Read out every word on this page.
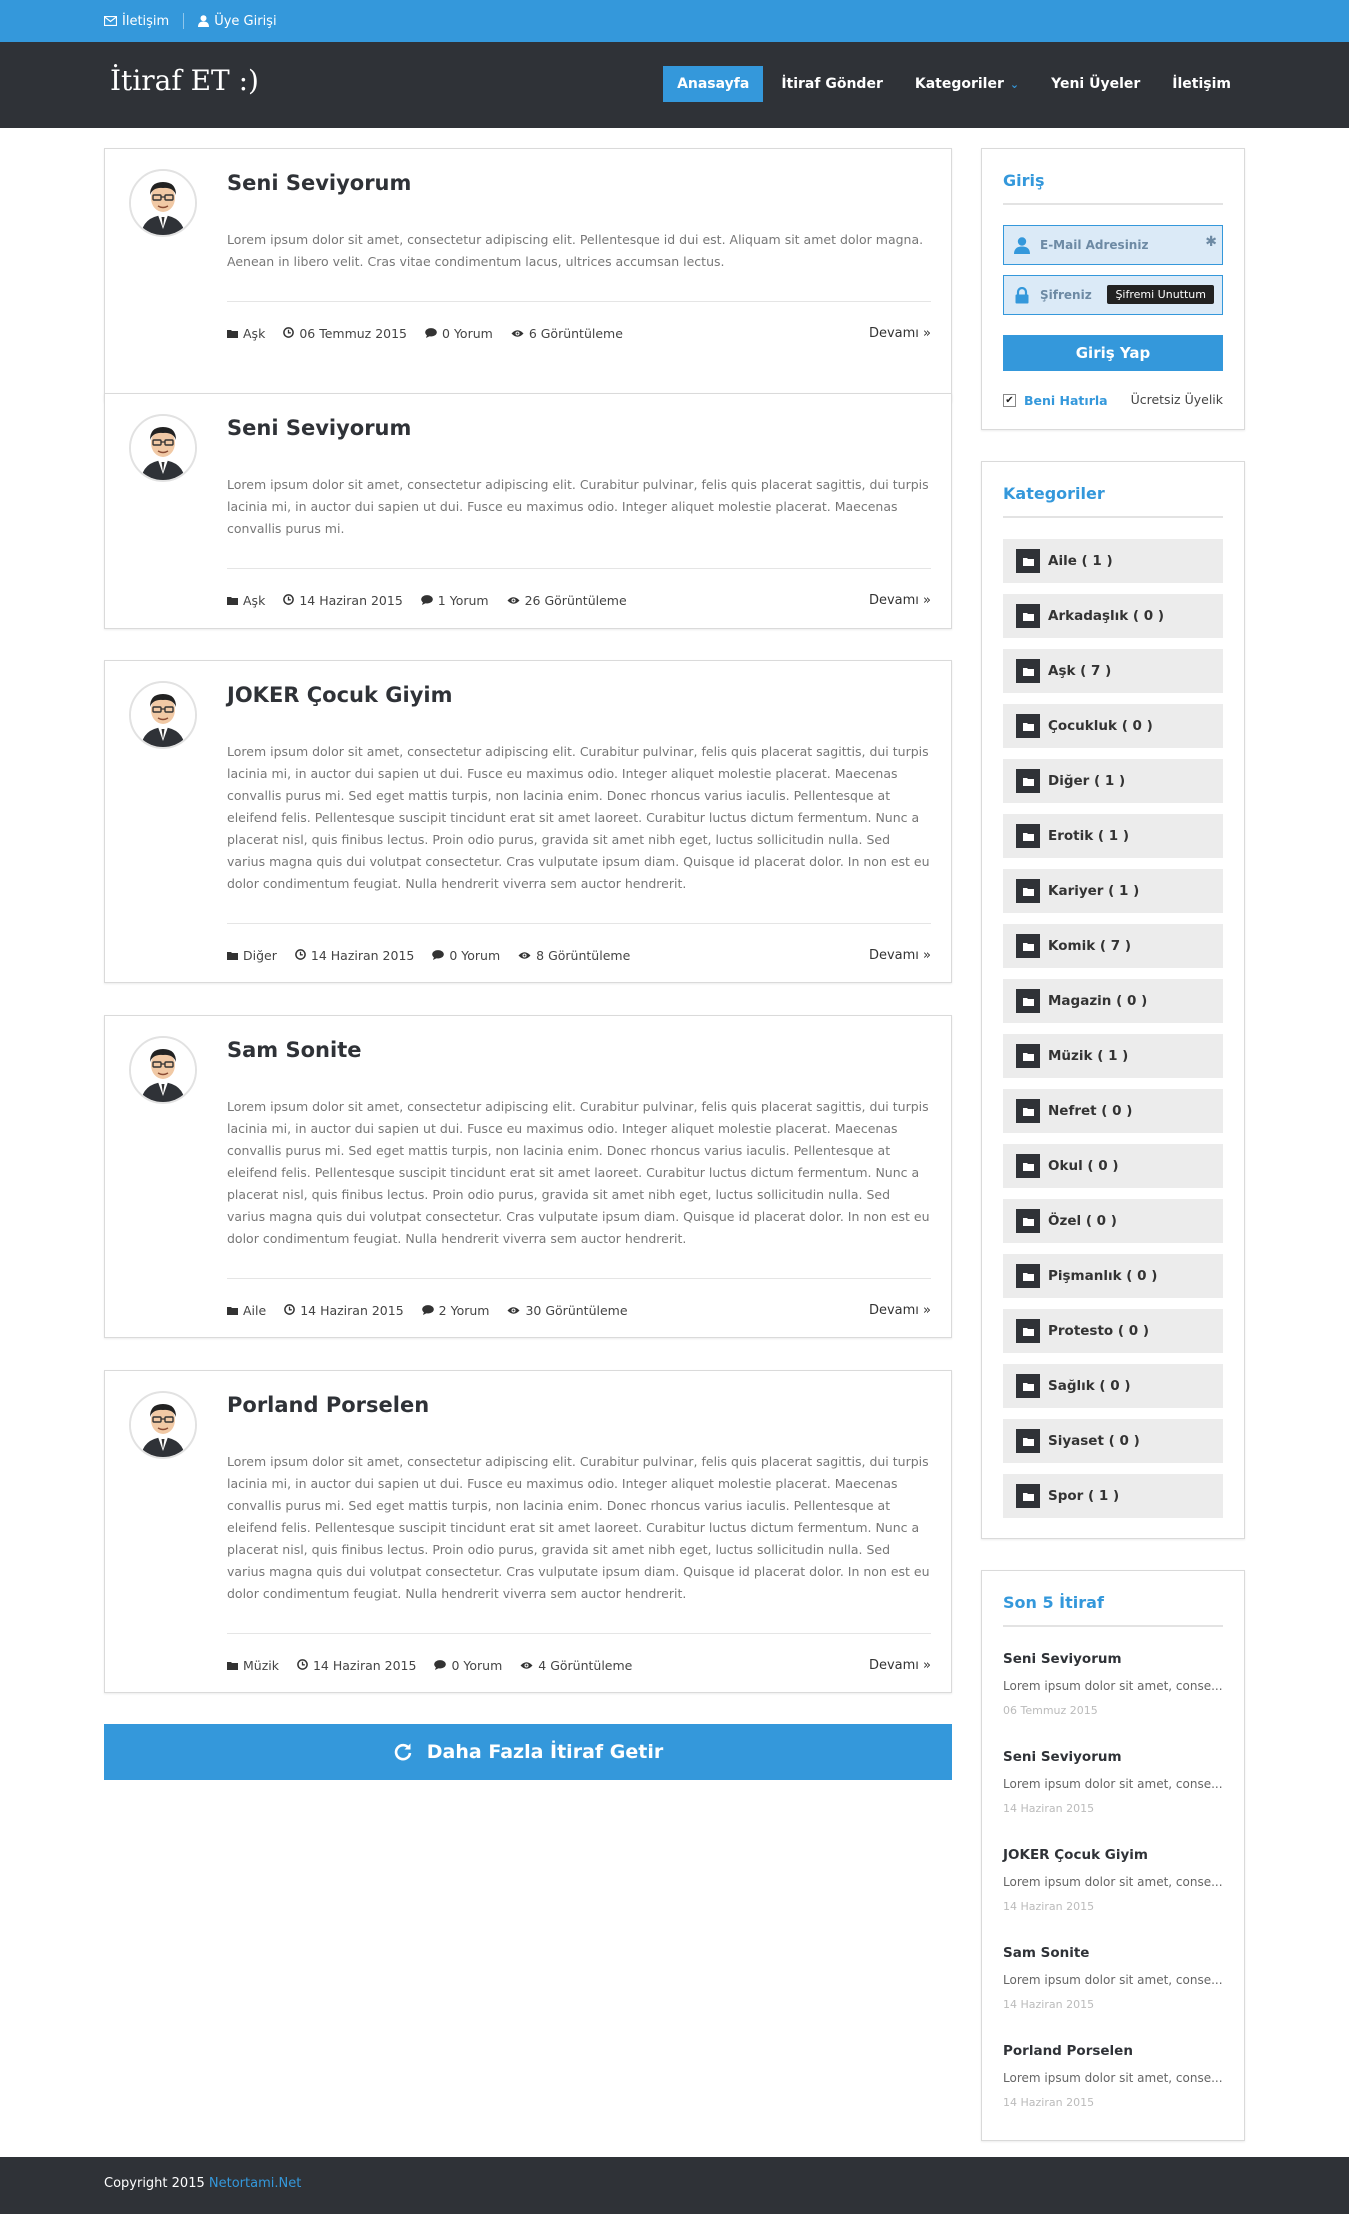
İletişim	Üye Girişi
İtiraf ET :)	Anasayfa İtiraf Gönder Kategoriler ⌄ Yeni Üyeler İletişim
Seni Seviyorum
Lorem ipsum dolor sit amet, consectetur adipiscing elit. Pellentesque id dui est. Aliquam sit amet dolor magna. Aenean in libero velit. Cras vitae condimentum lacus, ultrices accumsan lectus.
Aşk	06 Temmuz 2015	0 Yorum	6 Görüntüleme	Devamı »
Seni Seviyorum
Lorem ipsum dolor sit amet, consectetur adipiscing elit. Curabitur pulvinar, felis quis placerat sagittis, dui turpis lacinia mi, in auctor dui sapien ut dui. Fusce eu maximus odio. Integer aliquet molestie placerat. Maecenas convallis purus mi.
Aşk	14 Haziran 2015	1 Yorum	26 Görüntüleme	Devamı »
JOKER Çocuk Giyim
Lorem ipsum dolor sit amet, consectetur adipiscing elit. Curabitur pulvinar, felis quis placerat sagittis, dui turpis lacinia mi, in auctor dui sapien ut dui. Fusce eu maximus odio. Integer aliquet molestie placerat. Maecenas convallis purus mi. Sed eget mattis turpis, non lacinia enim. Donec rhoncus varius iaculis. Pellentesque at eleifend felis. Pellentesque suscipit tincidunt erat sit amet laoreet. Curabitur luctus dictum fermentum. Nunc a placerat nisl, quis finibus lectus. Proin odio purus, gravida sit amet nibh eget, luctus sollicitudin nulla. Sed varius magna quis dui volutpat consectetur. Cras vulputate ipsum diam. Quisque id placerat dolor. In non est eu dolor condimentum feugiat. Nulla hendrerit viverra sem auctor hendrerit.
Diğer	14 Haziran 2015	0 Yorum	8 Görüntüleme	Devamı »
Sam Sonite
Lorem ipsum dolor sit amet, consectetur adipiscing elit. Curabitur pulvinar, felis quis placerat sagittis, dui turpis lacinia mi, in auctor dui sapien ut dui. Fusce eu maximus odio. Integer aliquet molestie placerat. Maecenas convallis purus mi. Sed eget mattis turpis, non lacinia enim. Donec rhoncus varius iaculis. Pellentesque at eleifend felis. Pellentesque suscipit tincidunt erat sit amet laoreet. Curabitur luctus dictum fermentum. Nunc a placerat nisl, quis finibus lectus. Proin odio purus, gravida sit amet nibh eget, luctus sollicitudin nulla. Sed varius magna quis dui volutpat consectetur. Cras vulputate ipsum diam. Quisque id placerat dolor. In non est eu dolor condimentum feugiat. Nulla hendrerit viverra sem auctor hendrerit.
Aile	14 Haziran 2015	2 Yorum	30 Görüntüleme	Devamı »
Porland Porselen
Lorem ipsum dolor sit amet, consectetur adipiscing elit. Curabitur pulvinar, felis quis placerat sagittis, dui turpis lacinia mi, in auctor dui sapien ut dui. Fusce eu maximus odio. Integer aliquet molestie placerat. Maecenas convallis purus mi. Sed eget mattis turpis, non lacinia enim. Donec rhoncus varius iaculis. Pellentesque at eleifend felis. Pellentesque suscipit tincidunt erat sit amet laoreet. Curabitur luctus dictum fermentum. Nunc a placerat nisl, quis finibus lectus. Proin odio purus, gravida sit amet nibh eget, luctus sollicitudin nulla. Sed varius magna quis dui volutpat consectetur. Cras vulputate ipsum diam. Quisque id placerat dolor. In non est eu dolor condimentum feugiat. Nulla hendrerit viverra sem auctor hendrerit.
Müzik	14 Haziran 2015	0 Yorum	4 Görüntüleme	Devamı »
Daha Fazla İtiraf Getir
Giriş
E-Mail Adresiniz	✱
Şifreniz	Şifremi Unuttum
Giriş Yap
✔ Beni Hatırla Ücretsiz Üyelik
Kategoriler
Aile ( 1 )
Arkadaşlık ( 0 )
Aşk ( 7 )
Çocukluk ( 0 )
Diğer ( 1 )
Erotik ( 1 )
Kariyer ( 1 )
Komik ( 7 )
Magazin ( 0 )
Müzik ( 1 )
Nefret ( 0 )
Okul ( 0 )
Özel ( 0 )
Pişmanlık ( 0 )
Protesto ( 0 )
Sağlık ( 0 )
Siyaset ( 0 )
Spor ( 1 )
Son 5 İtiraf
Seni Seviyorum
Lorem ipsum dolor sit amet, conse...
06 Temmuz 2015
Seni Seviyorum
Lorem ipsum dolor sit amet, conse...
14 Haziran 2015
JOKER Çocuk Giyim
Lorem ipsum dolor sit amet, conse...
14 Haziran 2015
Sam Sonite
Lorem ipsum dolor sit amet, conse...
14 Haziran 2015
Porland Porselen
Lorem ipsum dolor sit amet, conse...
14 Haziran 2015
Copyright 2015 Netortami.Net
